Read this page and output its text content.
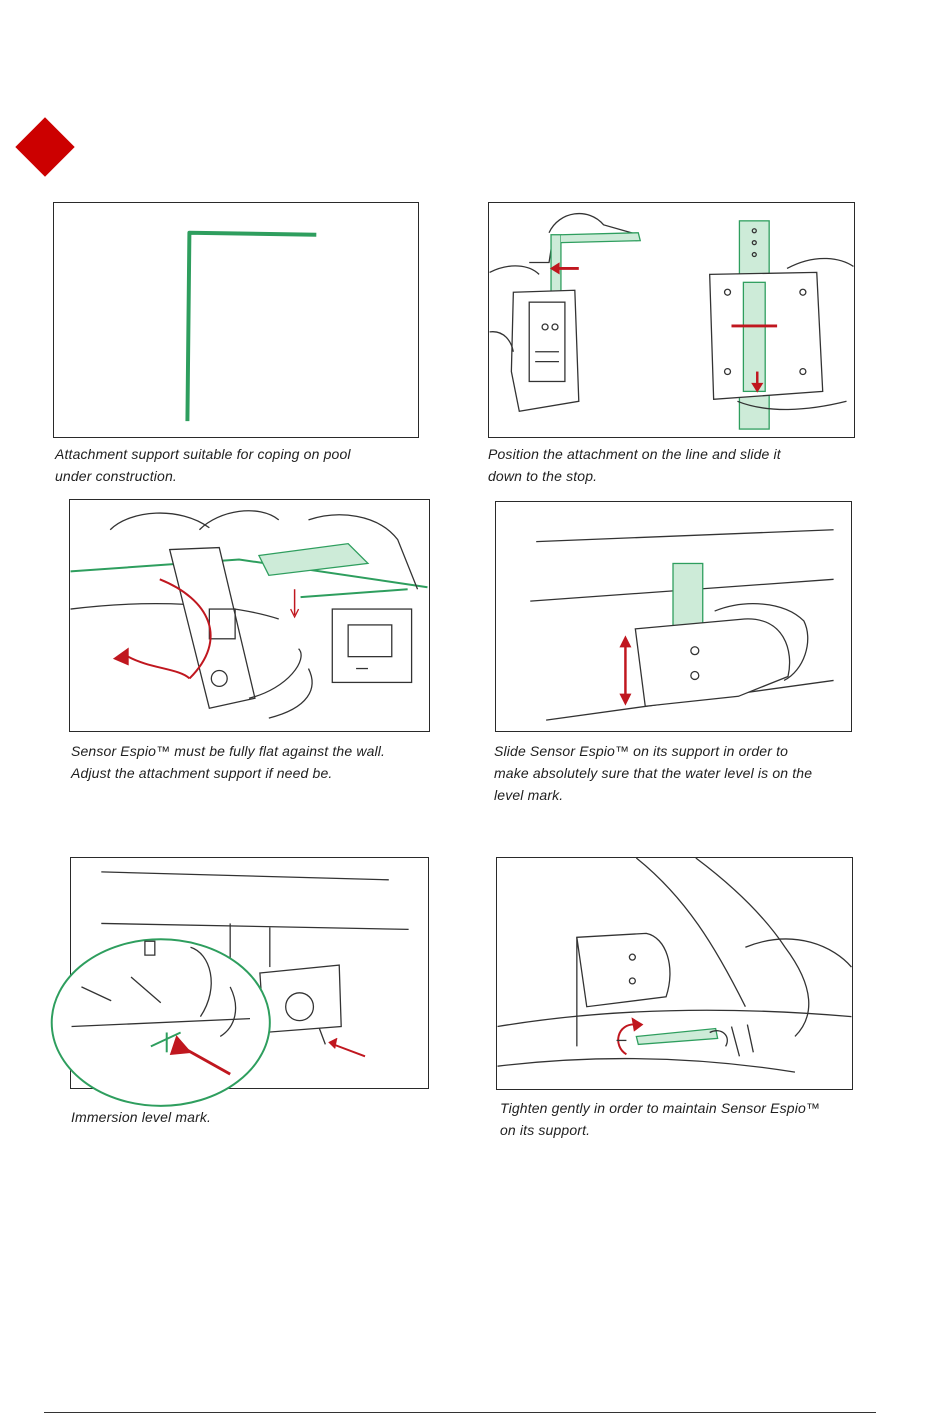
Attachment support suitable for coping on pool
under construction.
Position the attachment on the line and slide it
down to the stop.
Sensor Espio™ must be fully flat against the wall.
Adjust the attachment support if need be.
Slide Sensor Espio™ on its support in order to
make absolutely sure that the water level is on the
level mark.
Immersion level mark.
Tighten gently in order to maintain Sensor Espio™
on its support.
